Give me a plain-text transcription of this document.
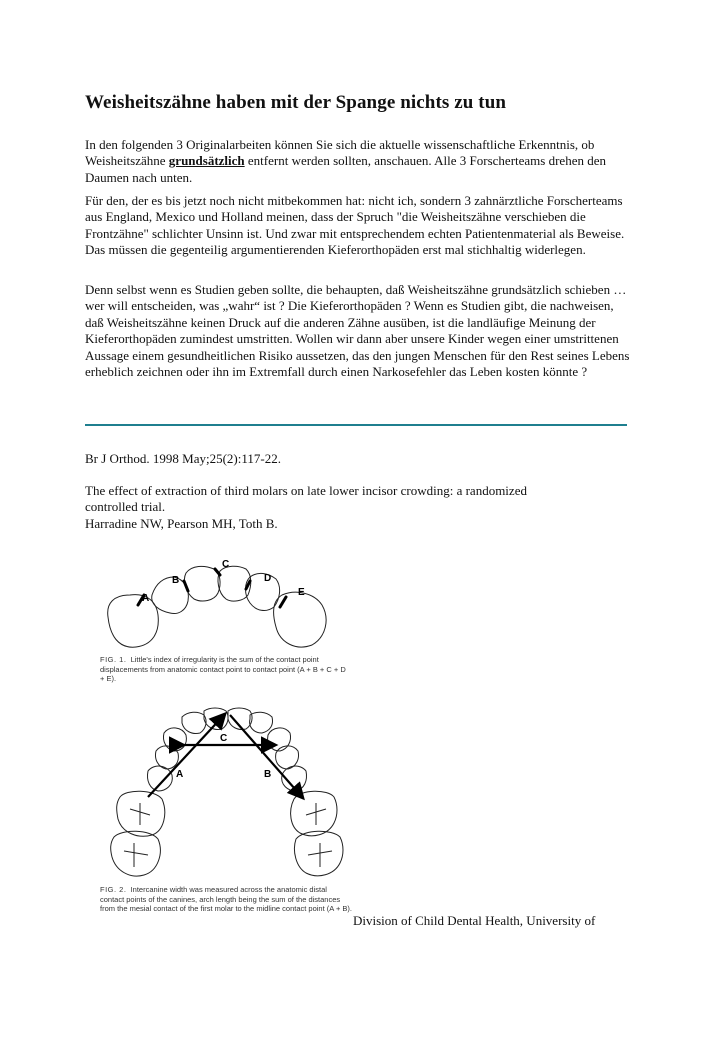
Weisheitszähne haben mit der Spange nichts zu tun

In den folgenden 3 Originalarbeiten können Sie sich die aktuelle wissenschaftliche Erkenntnis, ob Weisheitszähne grundsätzlich entfernt werden sollten, anschauen. Alle 3 Forscherteams drehen den Daumen nach unten.

Für den, der es bis jetzt noch nicht mitbekommen hat: nicht ich, sondern 3 zahnärztliche Forscherteams aus England, Mexico und Holland meinen, dass der Spruch "die Weisheitszähne verschieben die Frontzähne" schlichter Unsinn ist. Und zwar mit entsprechendem echten Patientenmaterial als Beweise. Das müssen die gegenteilig argumentierenden Kieferorthopäden erst mal stichhaltig widerlegen.

Denn selbst wenn es Studien geben sollte, die behaupten, daß Weisheitszähne grundsätzlich schieben … wer will entscheiden, was „wahr“ ist ? Die Kieferorthopäden ? Wenn es Studien gibt, die nachweisen, daß Weisheitszähne keinen Druck auf die anderen Zähne ausüben, ist die landläufige Meinung der Kieferorthopäden zumindest umstritten. Wollen wir dann aber unsere Kinder wegen einer umstrittenen Aussage einem gesundheitlichen Risiko aussetzen, das den jungen Menschen für den Rest seines Lebens erheblich zeichnen oder ihn im Extremfall durch einen Narkosefehler das Leben kosten könnte ?

Br J Orthod. 1998 May;25(2):117-22.

The effect of extraction of third molars on late lower incisor crowding: a randomized

controlled trial.

Harradine NW, Pearson MH, Toth B.

A
B
C
D
E

FIG. 1. Little's index of irregularity is the sum of the contact point displacements from anatomic contact point to contact point (A + B + C + D + E).

A	B
C

FIG. 2. Intercanine width was measured across the anatomic distal contact points of the canines, arch length being the sum of the distances from the mesial contact of the first molar to the midline contact point (A + B).

Division of Child Dental Health, University of
